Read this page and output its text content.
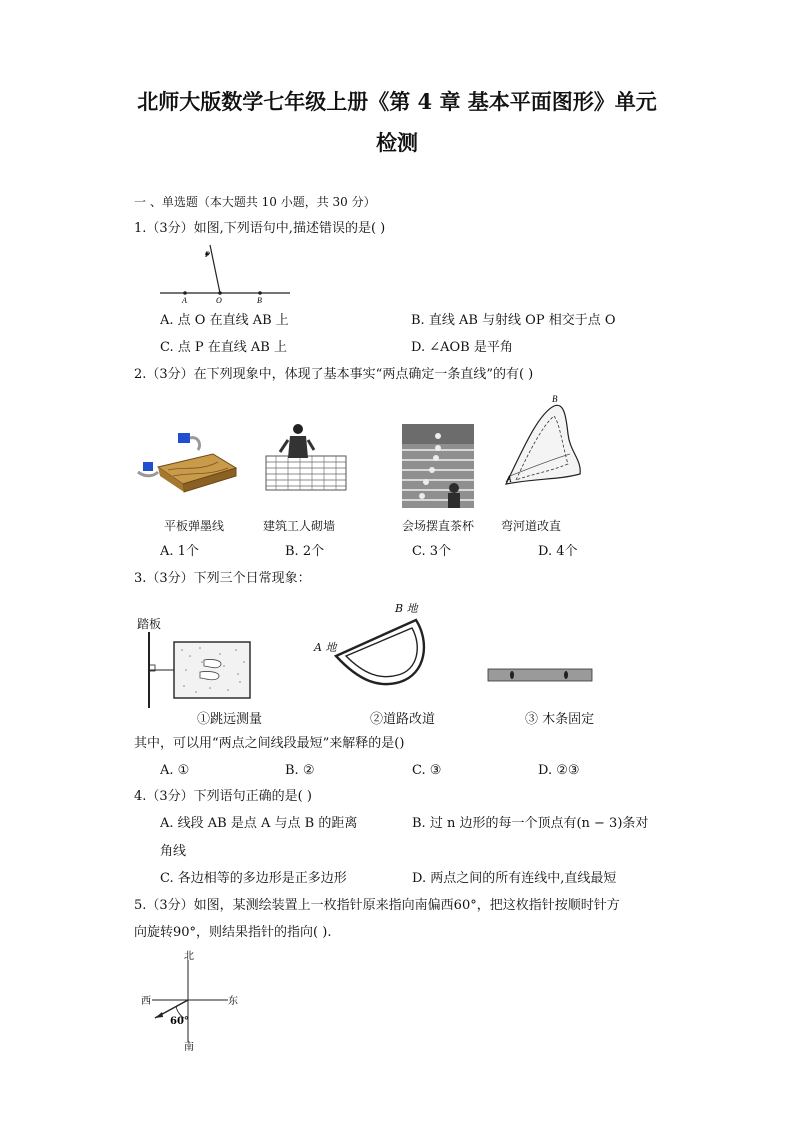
北师大版数学七年级上册《第 4 章 基本平面图形》单元
检测
一 、单选题（本大题共 10 小题，共 30 分）
1.（3分）如图,下列语句中,描述错误的是( )
P
A	O	B
A. 点 O 在直线 AB 上	B. 直线 AB 与射线 OP 相交于点 O
C. 点 P 在直线 AB 上	D. ∠AOB 是平角
2.（3分）在下列现象中，体现了基本事实“两点确定一条直线”的有( )
B
A
平板弹墨线	建筑工人砌墙	会场摆直茶杯 弯河道改直
A. 1个	B. 2个	C. 3个	D. 4个
3.（3分）下列三个日常现象：
踏板
B 地
A 地
①跳远测量	②道路改道	③ 木条固定
其中，可以用“两点之间线段最短”来解释的是()
A. ①	B. ②	C. ③	D. ②③
4.（3分）下列语句正确的是( )
A. 线段 AB 是点 A 与点 B 的距离	B. 过 n 边形的每一个顶点有(n − 3)条对
角线
C. 各边相等的多边形是正多边形	D. 两点之间的所有连线中,直线最短
5.（3分）如图，某测绘装置上一枚指针原来指向南偏西60°，把这枚指针按顺时针方
向旋转90°，则结果指针的指向( ).
北
南
西	东
60°
